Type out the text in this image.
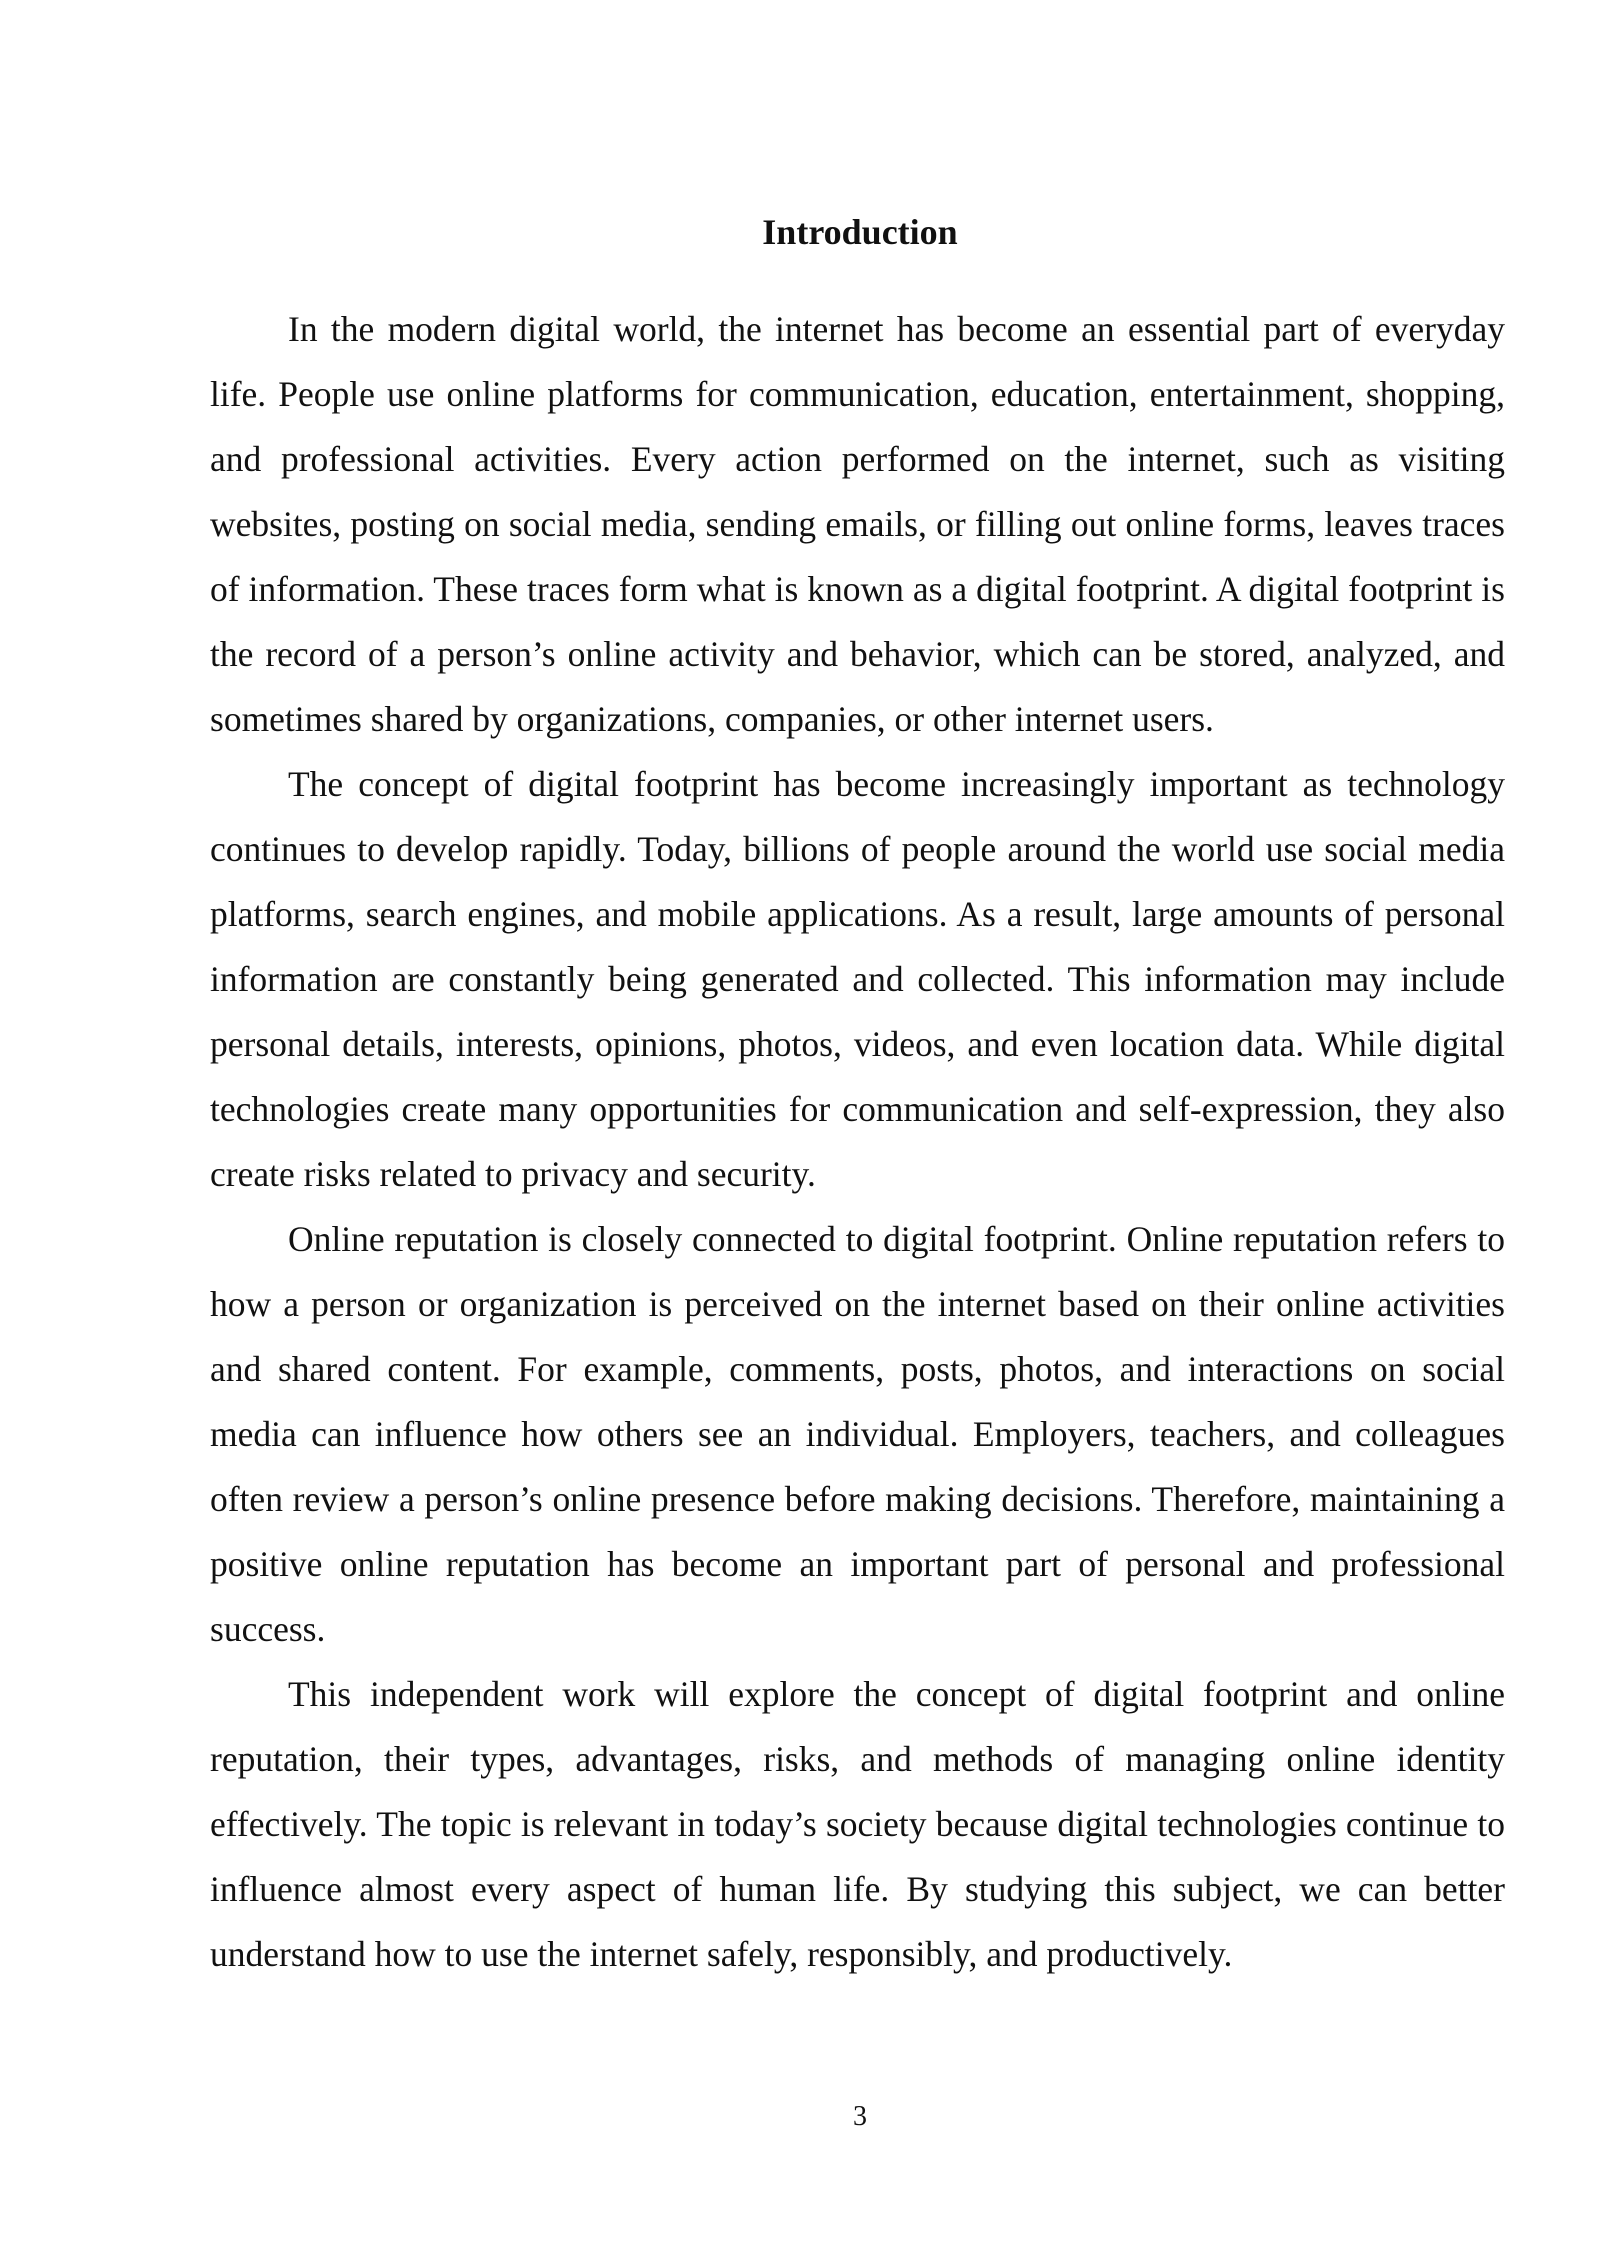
Introduction

In the modern digital world, the internet has become an essential part of everyday life. People use online platforms for communication, education, entertainment, shopping, and professional activities. Every action performed on the internet, such as visiting websites, posting on social media, sending emails, or filling out online forms, leaves traces of information. These traces form what is known as a digital footprint. A digital footprint is the record of a person’s online activity and behavior, which can be stored, analyzed, and sometimes shared by organizations, companies, or other internet users.

The concept of digital footprint has become increasingly important as technology continues to develop rapidly. Today, billions of people around the world use social media platforms, search engines, and mobile applications. As a result, large amounts of personal information are constantly being generated and collected. This information may include personal details, interests, opinions, photos, videos, and even location data. While digital technologies create many opportunities for communication and self-expression, they also create risks related to privacy and security.

Online reputation is closely connected to digital footprint. Online reputation refers to how a person or organization is perceived on the internet based on their online activities and shared content. For example, comments, posts, photos, and interactions on social media can influence how others see an individual. Employers, teachers, and colleagues often review a person’s online presence before making decisions. Therefore, maintaining a positive online reputation has become an important part of personal and professional success.

This independent work will explore the concept of digital footprint and online reputation, their types, advantages, risks, and methods of managing online identity effectively. The topic is relevant in today’s society because digital technologies continue to influence almost every aspect of human life. By studying this subject, we can better understand how to use the internet safely, responsibly, and productively.

3
